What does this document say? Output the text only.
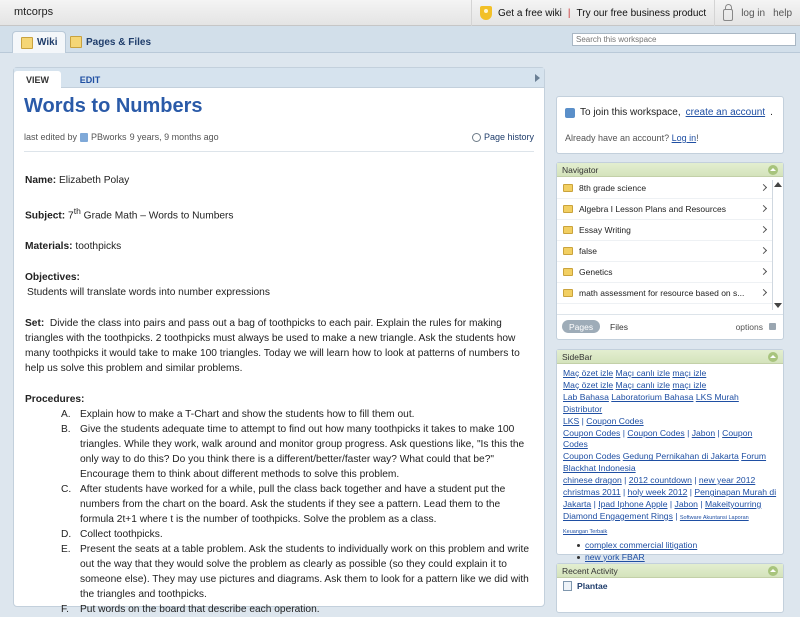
mtcorps	Get a free wiki | Try our free business product	log in help
Wiki	Pages & Files
Search this workspace
VIEW	EDIT
Words to Numbers
last edited by PBworks 9 years, 9 months ago	Page history

Name: Elizabeth Polay

Subject: 7th Grade Math – Words to Numbers

Materials: toothpicks

Objectives:
Students will translate words into number expressions

Set: Divide the class into pairs and pass out a bag of toothpicks to each pair. Explain the rules for making triangles with the toothpicks. 2 toothpicks must always be used to make a new triangle. Ask the students how many toothpicks it would take to make 100 triangles. Today we will learn how to look at patterns of numbers to help us solve this problem and similar problems.

Procedures:
A. Explain how to make a T-Chart and show the students how to fill them out.
B. Give the students adequate time to attempt to find out how many toothpicks it takes to make 100 triangles. While they work, walk around and monitor group progress. Ask questions like, "Is this the only way to do this? Do you think there is a different/better/faster way? What could that be?" Encourage them to think about different methods to solve this problem.
C. After students have worked for a while, pull the class back together and have a student put the numbers from the chart on the board. Ask the students if they see a pattern. Lead them to the formula 2t+1 where t is the number of toothpicks. Solve the problem as a class.
D. Collect toothpicks.
E. Present the seats at a table problem. Ask the students to individually work on this problem and write out the way that they would solve the problem as clearly as possible (so they could explain it to someone else). They may use pictures and diagrams. Ask them to look for a pattern like we did with the triangles and toothpicks.
F.	Put words on the board that describe each operation.
To join this workspace, create an account .
Already have an account? Log in!
Navigator
8th grade science
Algebra I Lesson Plans and Resources
Essay Writing
false
Genetics
math assessment for resource based on s...
Pages	Files	options
SideBar
Maç özet izle Maçı canlı izle maçı izle
Maç özet izle Maçı canlı izle maçı izle
Lab Bahasa Laboratorium Bahasa LKS Murah Distributor
LKS | Coupon Codes
Coupon Codes | Coupon Codes | Jabon | Coupon Codes
Coupon Codes Gedung Pernikahan di Jakarta Forum
Blackhat Indonesia
chinese dragon | 2012 countdown | new year 2012
christmas 2011 | holy week 2012 | Penginapan Murah di
Jakarta | Ipad Iphone Apple | Jabon | Makeityourring
Diamond Engagement Rings | Software Akuntansi Laporan
Keuangan Terbaik
complex commercial litigation
new york FBAR
Recent Activity
Plantae
